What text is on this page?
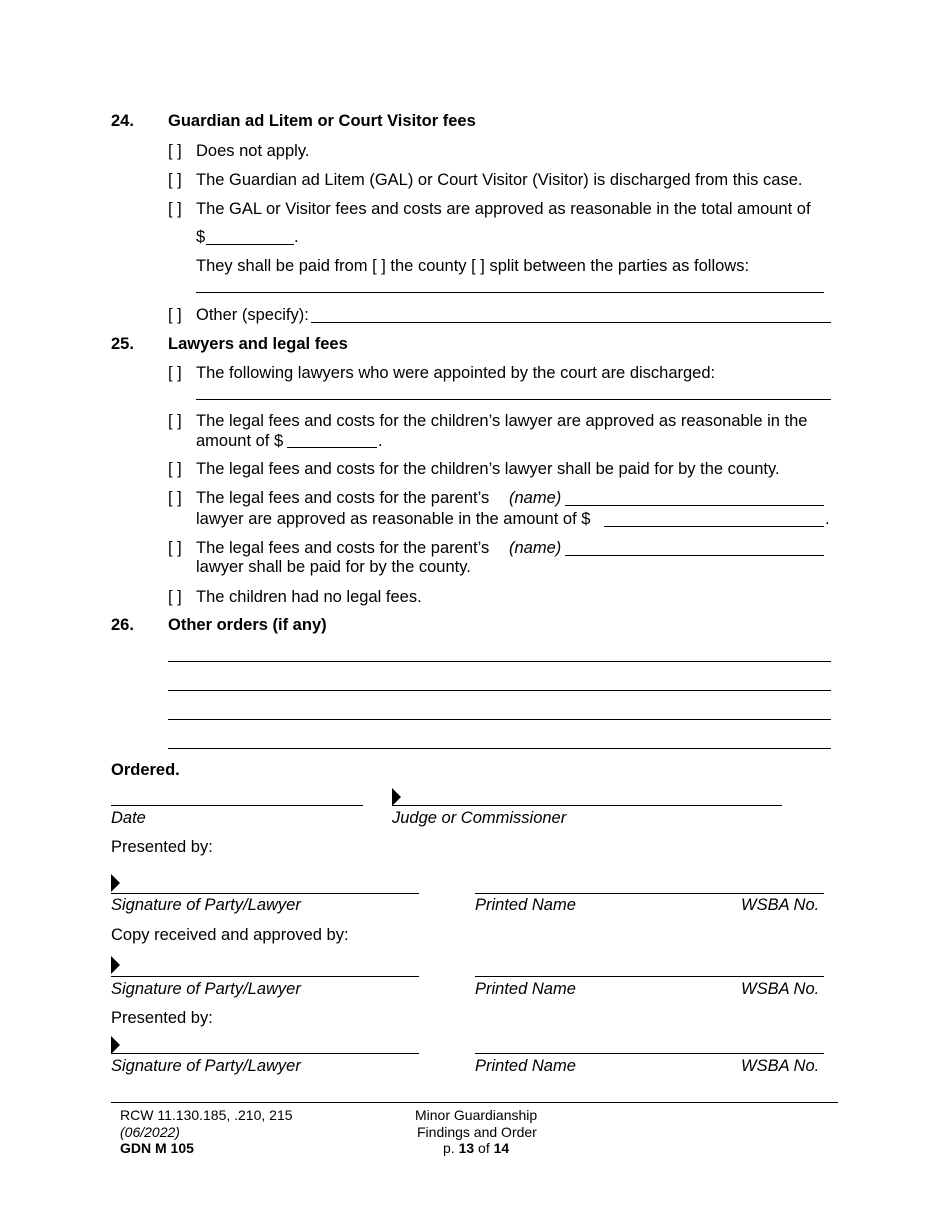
24. Guardian ad Litem or Court Visitor fees
[ ] Does not apply.
[ ] The Guardian ad Litem (GAL) or Court Visitor (Visitor) is discharged from this case.
[ ] The GAL or Visitor fees and costs are approved as reasonable in the total amount of
$	.
They shall be paid from [ ] the county [ ] split between the parties as follows:
[ ] Other (specify):
25. Lawyers and legal fees
[ ] The following lawyers who were appointed by the court are discharged:
[ ] The legal fees and costs for the children’s lawyer are approved as reasonable in the
amount of $	.
[ ] The legal fees and costs for the children’s lawyer shall be paid for by the county.
[ ] The legal fees and costs for the parent’s (name)
lawyer are approved as reasonable in the amount of $	.
[ ] The legal fees and costs for the parent’s (name)
lawyer shall be paid for by the county.
[ ] The children had no legal fees.
26. Other orders (if any)
Ordered.
Date	Judge or Commissioner
Presented by:
Signature of Party/Lawyer	Printed Name	WSBA No.
Copy received and approved by:
Signature of Party/Lawyer	Printed Name	WSBA No.
Presented by:
Signature of Party/Lawyer	Printed Name	WSBA No.
RCW 11.130.185, .210, 215
(06/2022)
GDN M 105
Minor Guardianship
Findings and Order
p. 13 of 14
